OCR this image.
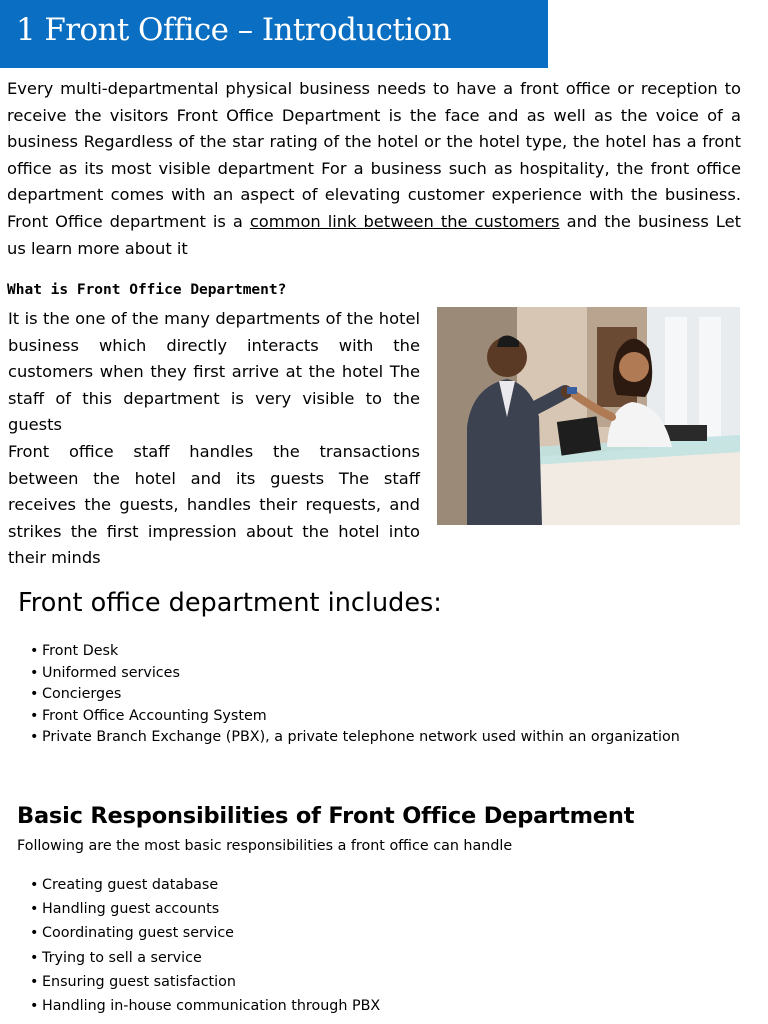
1 Front Office – Introduction
Every multi-departmental physical business needs to have a front office or reception to receive the visitors Front Office Department is the face and as well as the voice of a business Regardless of the star rating of the hotel or the hotel type, the hotel has a front office as its most visible department For a business such as hospitality, the front office department comes with an aspect of elevating customer experience with the business. Front Office department is a common link between the customers and the business Let us learn more about it
What is Front Office Department?

It is the one of the many departments of the hotel business which directly interacts with the customers when they first arrive at the hotel The staff of this department is very visible to the guests

Front office staff handles the transactions between the hotel and its guests The staff receives the guests, handles their requests, and strikes the first impression about the hotel into their minds

Front office department includes:
• Front Desk
• Uniformed services
• Concierges
• Front Office Accounting System
• Private Branch Exchange (PBX), a private telephone network used within an organization
Basic Responsibilities of Front Office Department
Following are the most basic responsibilities a front office can handle
• Creating guest database
• Handling guest accounts
• Coordinating guest service
• Trying to sell a service
• Ensuring guest satisfaction
• Handling in-house communication through PBX
